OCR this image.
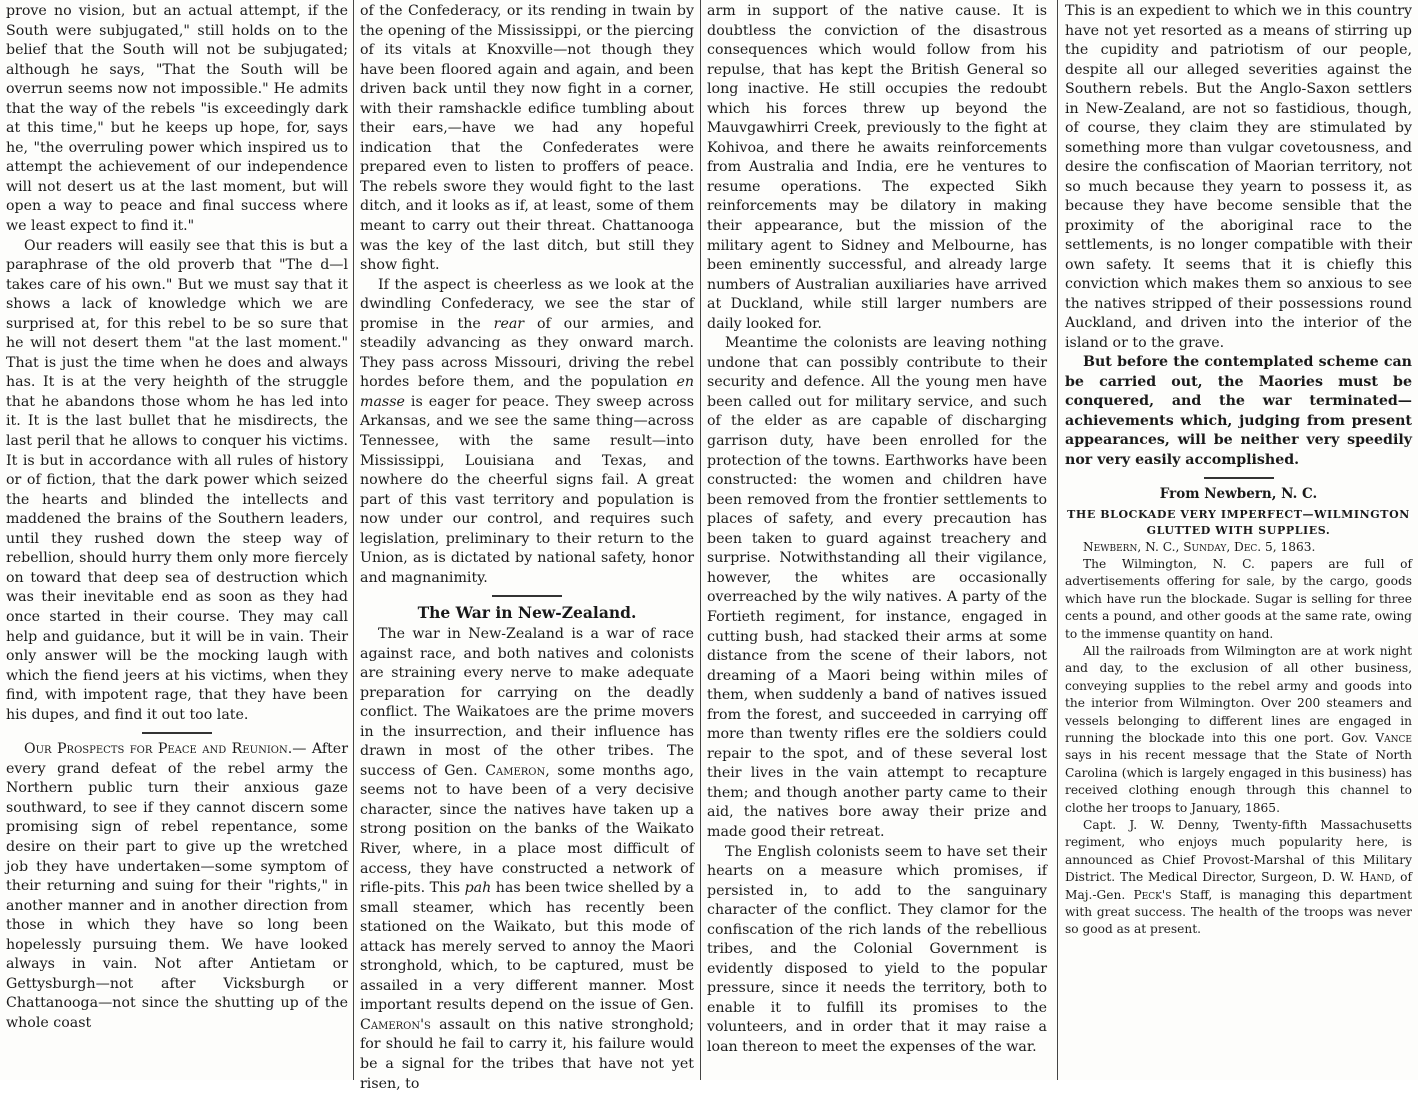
prove no vision, but an actual attempt, if the South were subjugated," still holds on to the belief that the South will not be subjugated; although he says, "That the South will be overrun seems now not impossible." He admits that the way of the rebels "is exceedingly dark at this time," but he keeps up hope, for, says he, "the overruling power which inspired us to attempt the achievement of our independence will not desert us at the last moment, but will open a way to peace and final success where we least expect to find it."

Our readers will easily see that this is but a paraphrase of the old proverb that "The d—l takes care of his own." But we must say that it shows a lack of knowledge which we are surprised at, for this rebel to be so sure that he will not desert them "at the last moment." That is just the time when he does and always has. It is at the very heighth of the struggle that he abandons those whom he has led into it. It is the last bullet that he misdirects, the last peril that he allows to conquer his victims. It is but in accordance with all rules of history or of fiction, that the dark power which seized the hearts and blinded the intellects and maddened the brains of the Southern leaders, until they rushed down the steep way of rebellion, should hurry them only more fiercely on toward that deep sea of destruction which was their inevitable end as soon as they had once started in their course. They may call help and guidance, but it will be in vain. Their only answer will be the mocking laugh with which the fiend jeers at his victims, when they find, with impotent rage, that they have been his dupes, and find it out too late.

Our Prospects for Peace and Reunion.— After every grand defeat of the rebel army the Northern public turn their anxious gaze southward, to see if they cannot discern some promising sign of rebel repentance, some desire on their part to give up the wretched job they have undertaken—some symptom of their returning and suing for their "rights," in another manner and in another direction from those in which they have so long been hopelessly pursuing them. We have looked always in vain. Not after Antietam or Gettysburgh—not after Vicksburgh or Chattanooga—not since the shutting up of the whole coast

of the Confederacy, or its rending in twain by the opening of the Mississippi, or the piercing of its vitals at Knoxville—not though they have been floored again and again, and been driven back until they now fight in a corner, with their ramshackle edifice tumbling about their ears,—have we had any hopeful indication that the Confederates were prepared even to listen to proffers of peace. The rebels swore they would fight to the last ditch, and it looks as if, at least, some of them meant to carry out their threat. Chattanooga was the key of the last ditch, but still they show fight.

If the aspect is cheerless as we look at the dwindling Confederacy, we see the star of promise in the rear of our armies, and steadily advancing as they onward march. They pass across Missouri, driving the rebel hordes before them, and the population en masse is eager for peace. They sweep across Arkansas, and we see the same thing—across Tennessee, with the same result—into Mississippi, Louisiana and Texas, and nowhere do the cheerful signs fail. A great part of this vast territory and population is now under our control, and requires such legislation, preliminary to their return to the Union, as is dictated by national safety, honor and magnanimity.

The War in New-Zealand.

The war in New-Zealand is a war of race against race, and both natives and colonists are straining every nerve to make adequate preparation for carrying on the deadly conflict. The Waikatoes are the prime movers in the insurrection, and their influence has drawn in most of the other tribes. The success of Gen. Cameron, some months ago, seems not to have been of a very decisive character, since the natives have taken up a strong position on the banks of the Waikato River, where, in a place most difficult of access, they have constructed a network of rifle-pits. This pah has been twice shelled by a small steamer, which has recently been stationed on the Waikato, but this mode of attack has merely served to annoy the Maori stronghold, which, to be captured, must be assailed in a very different manner. Most important results depend on the issue of Gen. Cameron's assault on this native stronghold; for should he fail to carry it, his failure would be a signal for the tribes that have not yet risen, to

arm in support of the native cause. It is doubtless the conviction of the disastrous consequences which would follow from his repulse, that has kept the British General so long inactive. He still occupies the redoubt which his forces threw up beyond the Mauvgawhirri Creek, previously to the fight at Kohivoa, and there he awaits reinforcements from Australia and India, ere he ventures to resume operations. The expected Sikh reinforcements may be dilatory in making their appearance, but the mission of the military agent to Sidney and Melbourne, has been eminently successful, and already large numbers of Australian auxiliaries have arrived at Duckland, while still larger numbers are daily looked for.

Meantime the colonists are leaving nothing undone that can possibly contribute to their security and defence. All the young men have been called out for military service, and such of the elder as are capable of discharging garrison duty, have been enrolled for the protection of the towns. Earthworks have been constructed: the women and children have been removed from the frontier settlements to places of safety, and every precaution has been taken to guard against treachery and surprise. Notwithstanding all their vigilance, however, the whites are occasionally overreached by the wily natives. A party of the Fortieth regiment, for instance, engaged in cutting bush, had stacked their arms at some distance from the scene of their labors, not dreaming of a Maori being within miles of them, when suddenly a band of natives issued from the forest, and succeeded in carrying off more than twenty rifles ere the soldiers could repair to the spot, and of these several lost their lives in the vain attempt to recapture them; and though another party came to their aid, the natives bore away their prize and made good their retreat.

The English colonists seem to have set their hearts on a measure which promises, if persisted in, to add to the sanguinary character of the conflict. They clamor for the confiscation of the rich lands of the rebellious tribes, and the Colonial Government is evidently disposed to yield to the popular pressure, since it needs the territory, both to enable it to fulfill its promises to the volunteers, and in order that it may raise a loan thereon to meet the expenses of the war.

This is an expedient to which we in this country have not yet resorted as a means of stirring up the cupidity and patriotism of our people, despite all our alleged severities against the Southern rebels. But the Anglo-Saxon settlers in New-Zealand, are not so fastidious, though, of course, they claim they are stimulated by something more than vulgar covetousness, and desire the confiscation of Maorian territory, not so much because they yearn to possess it, as because they have become sensible that the proximity of the aboriginal race to the settlements, is no longer compatible with their own safety. It seems that it is chiefly this conviction which makes them so anxious to see the natives stripped of their possessions round Auckland, and driven into the interior of the island or to the grave.

But before the contemplated scheme can be carried out, the Maories must be conquered, and the war terminated—achievements which, judging from present appearances, will be neither very speedily nor very easily accomplished.

From Newbern, N. C.
THE BLOCKADE VERY IMPERFECT—WILMINGTON
GLUTTED WITH SUPPLIES.

Newbern, N. C., Sunday, Dec. 5, 1863.

The Wilmington, N. C. papers are full of advertisements offering for sale, by the cargo, goods which have run the blockade. Sugar is selling for three cents a pound, and other goods at the same rate, owing to the immense quantity on hand.

All the railroads from Wilmington are at work night and day, to the exclusion of all other business, conveying supplies to the rebel army and goods into the interior from Wilmington. Over 200 steamers and vessels belonging to different lines are engaged in running the blockade into this one port. Gov. Vance says in his recent message that the State of North Carolina (which is largely engaged in this business) has received clothing enough through this channel to clothe her troops to January, 1865.

Capt. J. W. Denny, Twenty-fifth Massachusetts regiment, who enjoys much popularity here, is announced as Chief Provost-Marshal of this Military District. The Medical Director, Surgeon, D. W. Hand, of Maj.-Gen. Peck's Staff, is managing this department with great success. The health of the troops was never so good as at present.
